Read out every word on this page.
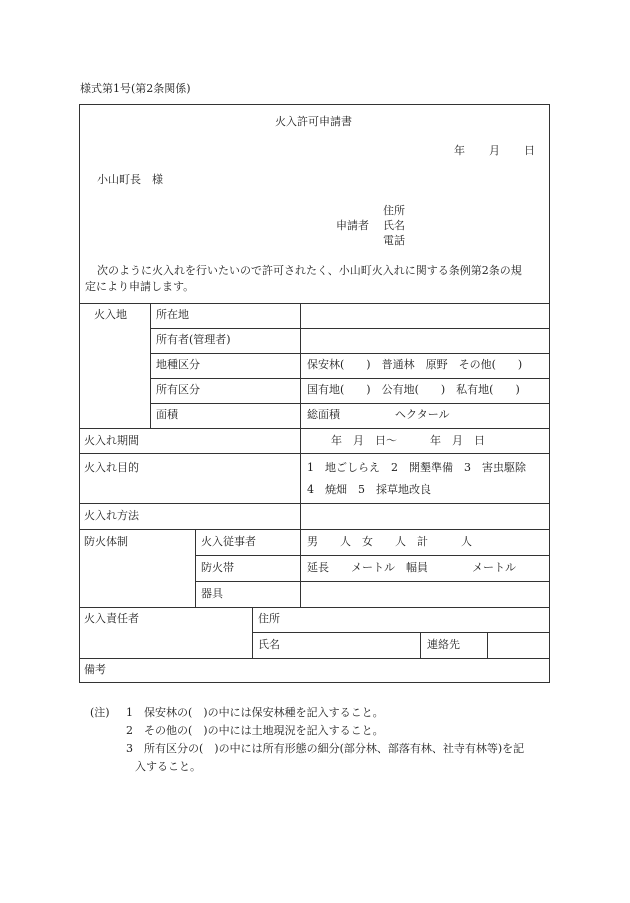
様式第1号(第2条関係)
火入許可申請書
年 月 日
小山町長　様
住所
申請者 氏名
電話
次のように火入れを行いたいので許可されたく、小山町火入れに関する条例第2条の規
定により申請します。
火入地	所在地
所有者(管理者)
地種区分	保安林(　　)　普通林　原野　その他(　　)
所有区分	国有地(　　)　公有地(　　)　私有地(　　)
面積	総面積　　　　　ヘクタール
火入れ期間	年　月　日～　　　年　月　日
火入れ目的	1　地ごしらえ　2　開墾準備　3　害虫駆除
4　焼畑　5　採草地改良
火入れ方法
防火体制	火入従事者	男　　人　女　　人　計　　　人
防火帯	延長　　メートル　幅員　　　　メートル
器具
火入責任者	住所
氏名	連絡先
備考
(注) 1　保安林の(　)の中には保安林種を記入すること。
2　その他の(　)の中には土地現況を記入すること。
3　所有区分の(　)の中には所有形態の細分(部分林、部落有林、社寺有林等)を記
入すること。
